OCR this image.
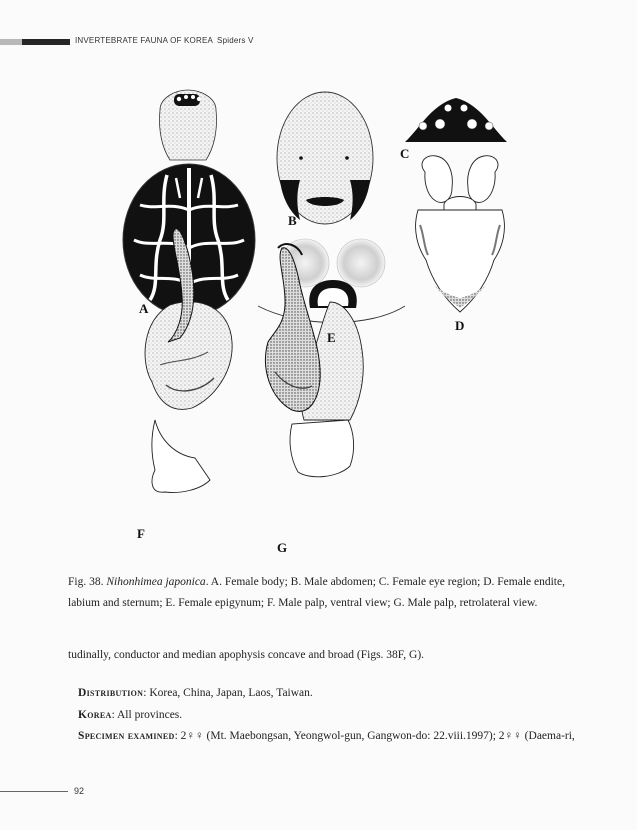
INVERTEBRATE FAUNA OF KOREA Spiders V
A
B
C
D
E
F
G
Fig. 38. Nihonhimea japonica. A. Female body; B. Male abdomen; C. Female eye region; D. Female endite, labium and sternum; E. Female epigynum; F. Male palp, ventral view; G. Male palp, retrolateral view.
tudinally, conductor and median apophysis concave and broad (Figs. 38F, G).
Distribution: Korea, China, Japan, Laos, Taiwan.
Korea: All provinces.
Specimen examined: 2♀♀ (Mt. Maebongsan, Yeongwol-gun, Gangwon-do: 22.viii.1997); 2♀♀ (Daema-ri,
92
